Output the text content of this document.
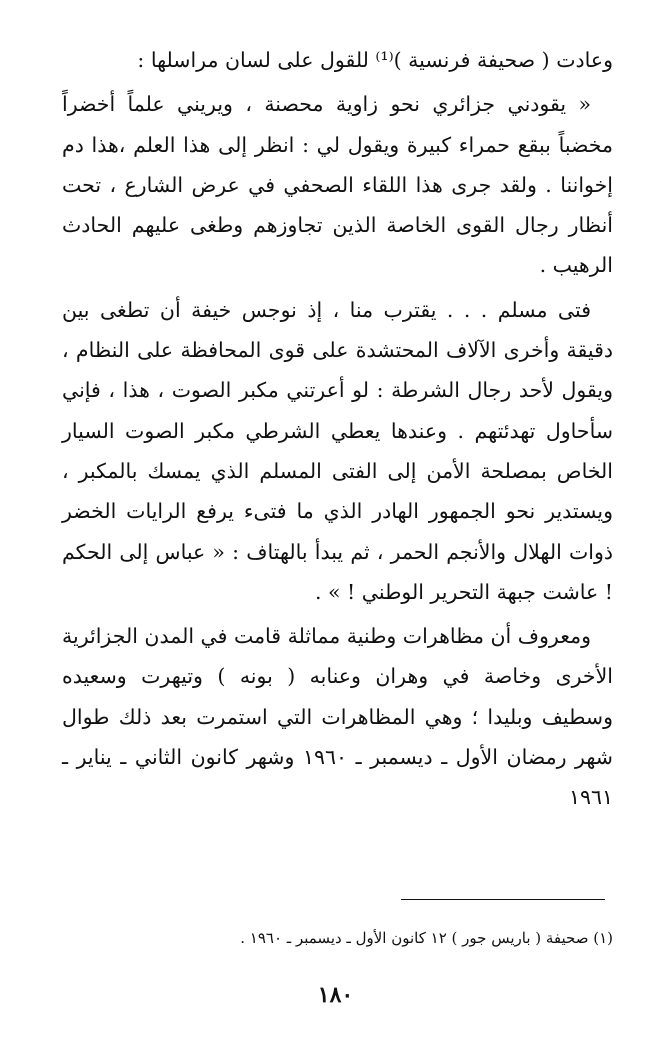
وعادت ( صحيفة فرنسية )⁽¹⁾ للقول على لسان مراسلها :

« يقودني جزائري نحو زاوية محصنة ، ويريني علماً أخضراً مخضباً ببقع حمراء كبيرة ويقول لي : انظر إلى هذا العلم ،هذا دم إخواننا . ولقد جرى هذا اللقاء الصحفي في عرض الشارع ، تحت أنظار رجال القوى الخاصة الذين تجاوزهم وطغى عليهم الحادث الرهيب .

فتى مسلم . . . يقترب منا ، إذ نوجس خيفة أن تطغى بين دقيقة وأخرى الآلاف المحتشدة على قوى المحافظة على النظام ، ويقول لأحد رجال الشرطة : لو أعرتني مكبر الصوت ، هذا ، فإني سأحاول تهدئتهم . وعندها يعطي الشرطي مكبر الصوت السيار الخاص بمصلحة الأمن إلى الفتى المسلم الذي يمسك بالمكبر ، ويستدير نحو الجمهور الهادر الذي ما فتىء يرفع الرايات الخضر ذوات الهلال والأنجم الحمر ، ثم يبدأ بالهتاف : « عباس إلى الحكم ! عاشت جبهة التحرير الوطني ! » .

ومعروف أن مظاهرات وطنية مماثلة قامت في المدن الجزائرية الأخرى وخاصة في وهران وعنابه ( بونه ) وتيهرت وسعيده وسطيف وبليدا ؛ وهي المظاهرات التي استمرت بعد ذلك طوال شهر رمضان الأول ـ ديسمبر ـ ١٩٦٠ وشهر كانون الثاني ـ يناير ـ ١٩٦١

(١) صحيفة ( باريس جور ) ١٢ كانون الأول ـ ديسمبر ـ ١٩٦٠ .
١٨٠
